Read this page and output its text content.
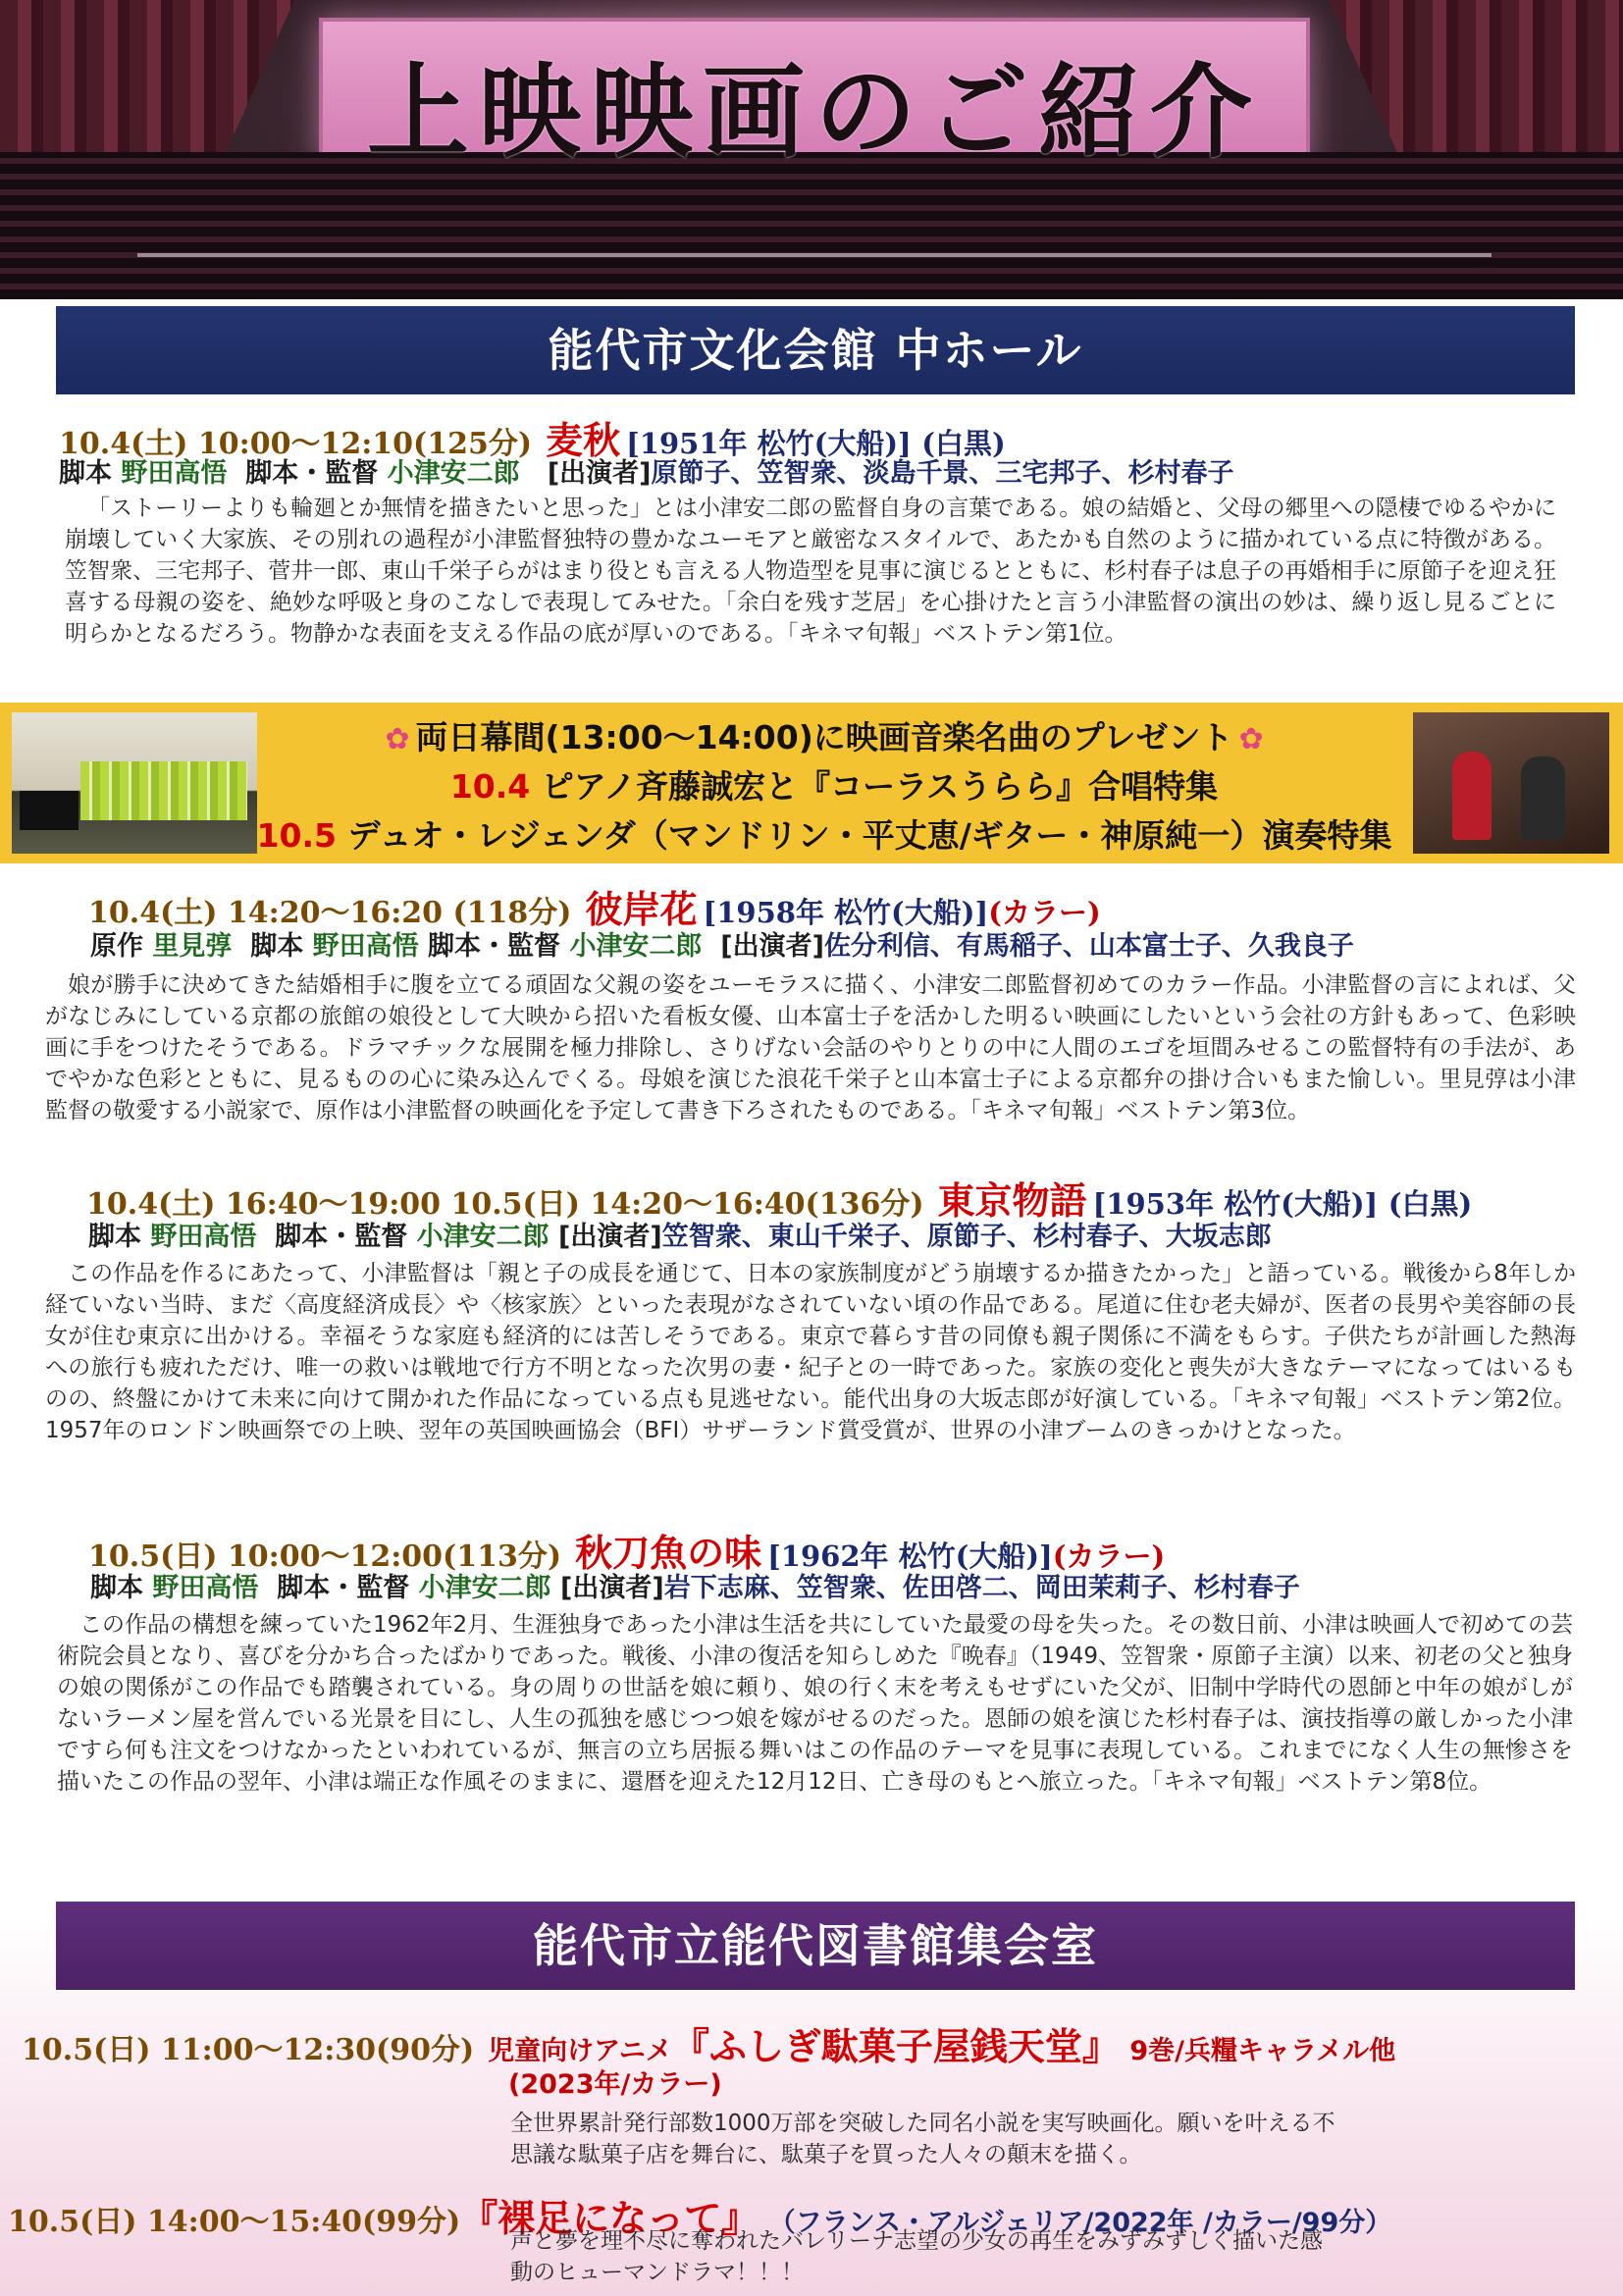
上映映画のご紹介
能代市文化会館 中ホール
10.4(土) 10:00〜12:10(125分) 麦秋 [1951年 松竹(大船)] (白黒)
脚本 野田高悟 脚本・監督 小津安二郎 [出演者]原節子、笠智衆、淡島千景、三宅邦子、杉村春子
「ストーリーよりも輪廻とか無情を描きたいと思った」とは小津安二郎の監督自身の言葉である。娘の結婚と、父母の郷里への隠棲でゆるやかに崩壊していく大家族、その別れの過程が小津監督独特の豊かなユーモアと厳密なスタイルで、あたかも自然のように描かれている点に特徴がある。笠智衆、三宅邦子、菅井一郎、東山千栄子らがはまり役とも言える人物造型を見事に演じるとともに、杉村春子は息子の再婚相手に原節子を迎え狂喜する母親の姿を、絶妙な呼吸と身のこなしで表現してみせた。「余白を残す芝居」を心掛けたと言う小津監督の演出の妙は、繰り返し見るごとに明らかとなるだろう。物静かな表面を支える作品の底が厚いのである。「キネマ旬報」ベストテン第1位。
✿ 両日幕間(13:00〜14:00)に映画音楽名曲のプレゼント ✿
10.4 ピアノ斉藤誠宏と『コーラスうらら』合唱特集
10.5 デュオ・レジェンダ（マンドリン・平丈恵/ギター・神原純一）演奏特集
10.4(土) 14:20〜16:20 (118分) 彼岸花 [1958年 松竹(大船)](カラー)
原作 里見弴 脚本 野田高悟 脚本・監督 小津安二郎 [出演者]佐分利信、有馬稲子、山本富士子、久我良子
娘が勝手に決めてきた結婚相手に腹を立てる頑固な父親の姿をユーモラスに描く、小津安二郎監督初めてのカラー作品。小津監督の言によれば、父がなじみにしている京都の旅館の娘役として大映から招いた看板女優、山本富士子を活かした明るい映画にしたいという会社の方針もあって、色彩映画に手をつけたそうである。ドラマチックな展開を極力排除し、さりげない会話のやりとりの中に人間のエゴを垣間みせるこの監督特有の手法が、あでやかな色彩とともに、見るものの心に染み込んでくる。母娘を演じた浪花千栄子と山本富士子による京都弁の掛け合いもまた愉しい。里見弴は小津監督の敬愛する小説家で、原作は小津監督の映画化を予定して書き下ろされたものである。「キネマ旬報」ベストテン第3位。
10.4(土) 16:40〜19:00 10.5(日) 14:20〜16:40(136分) 東京物語 [1953年 松竹(大船)] (白黒)
脚本 野田高悟 脚本・監督 小津安二郎 [出演者]笠智衆、東山千栄子、原節子、杉村春子、大坂志郎
この作品を作るにあたって、小津監督は「親と子の成長を通じて、日本の家族制度がどう崩壊するか描きたかった」と語っている。戦後から8年しか経ていない当時、まだ〈高度経済成長〉や〈核家族〉といった表現がなされていない頃の作品である。尾道に住む老夫婦が、医者の長男や美容師の長女が住む東京に出かける。幸福そうな家庭も経済的には苦しそうである。東京で暮らす昔の同僚も親子関係に不満をもらす。子供たちが計画した熱海への旅行も疲れただけ、唯一の救いは戦地で行方不明となった次男の妻・紀子との一時であった。家族の変化と喪失が大きなテーマになってはいるものの、終盤にかけて未来に向けて開かれた作品になっている点も見逃せない。能代出身の大坂志郎が好演している。「キネマ旬報」ベストテン第2位。1957年のロンドン映画祭での上映、翌年の英国映画協会（BFI）サザーランド賞受賞が、世界の小津ブームのきっかけとなった。
10.5(日) 10:00〜12:00(113分) 秋刀魚の味 [1962年 松竹(大船)](カラー)
脚本 野田高悟 脚本・監督 小津安二郎 [出演者]岩下志麻、笠智衆、佐田啓二、岡田茉莉子、杉村春子
この作品の構想を練っていた1962年2月、生涯独身であった小津は生活を共にしていた最愛の母を失った。その数日前、小津は映画人で初めての芸術院会員となり、喜びを分かち合ったばかりであった。戦後、小津の復活を知らしめた『晩春』（1949、笠智衆・原節子主演）以来、初老の父と独身の娘の関係がこの作品でも踏襲されている。身の周りの世話を娘に頼り、娘の行く末を考えもせずにいた父が、旧制中学時代の恩師と中年の娘がしがないラーメン屋を営んでいる光景を目にし、人生の孤独を感じつつ娘を嫁がせるのだった。恩師の娘を演じた杉村春子は、演技指導の厳しかった小津ですら何も注文をつけなかったといわれているが、無言の立ち居振る舞いはこの作品のテーマを見事に表現している。これまでになく人生の無惨さを描いたこの作品の翌年、小津は端正な作風そのままに、還暦を迎えた12月12日、亡き母のもとへ旅立った。「キネマ旬報」ベストテン第8位。
能代市立能代図書館集会室
10.5(日) 11:00〜12:30(90分) 児童向けアニメ『ふしぎ駄菓子屋銭天堂』 9巻/兵糧キャラメル他
(2023年/カラー)
全世界累計発行部数1000万部を突破した同名小説を実写映画化。願いを叶える不
思議な駄菓子店を舞台に、駄菓子を買った人々の顛末を描く。
10.5(日) 14:00〜15:40(99分)『裸足になって』 （フランス・アルジェリア/2022年 /カラー/99分）
声と夢を理不尽に奪われたバレリーナ志望の少女の再生をみずみずしく描いた感
動のヒューマンドラマ！！！
